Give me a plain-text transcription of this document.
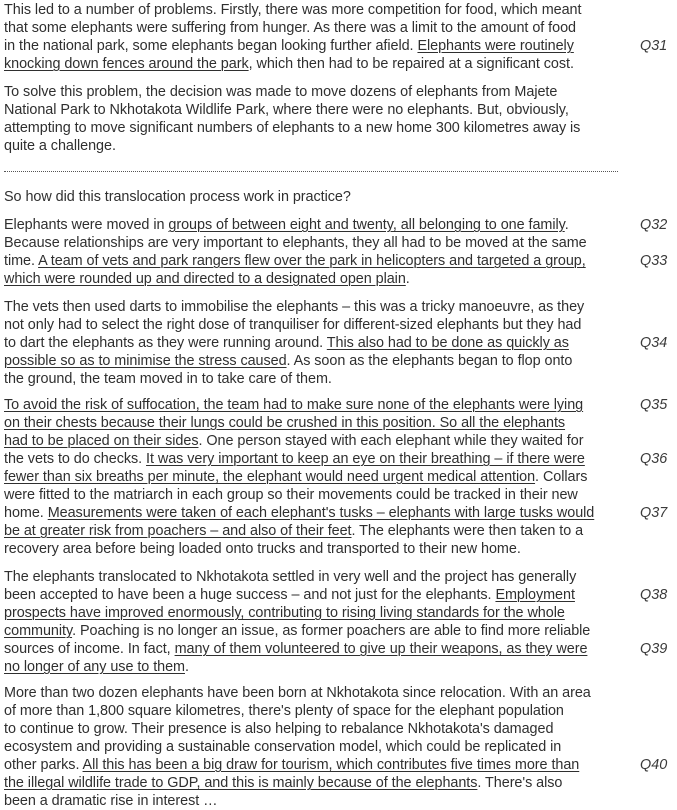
This led to a number of problems. Firstly, there was more competition for food, which meant
that some elephants were suffering from hunger. As there was a limit to the amount of food
in the national park, some elephants began looking further afield. Elephants were routinely
knocking down fences around the park, which then had to be repaired at a significant cost.
To solve this problem, the decision was made to move dozens of elephants from Majete
National Park to Nkhotakota Wildlife Park, where there were no elephants. But, obviously,
attempting to move significant numbers of elephants to a new home 300 kilometres away is
quite a challenge.
So how did this translocation process work in practice?
Elephants were moved in groups of between eight and twenty, all belonging to one family.
Because relationships are very important to elephants, they all had to be moved at the same
time. A team of vets and park rangers flew over the park in helicopters and targeted a group,
which were rounded up and directed to a designated open plain.
The vets then used darts to immobilise the elephants – this was a tricky manoeuvre, as they
not only had to select the right dose of tranquiliser for different-sized elephants but they had
to dart the elephants as they were running around. This also had to be done as quickly as
possible so as to minimise the stress caused. As soon as the elephants began to flop onto
the ground, the team moved in to take care of them.
To avoid the risk of suffocation, the team had to make sure none of the elephants were lying
on their chests because their lungs could be crushed in this position. So all the elephants
had to be placed on their sides. One person stayed with each elephant while they waited for
the vets to do checks. It was very important to keep an eye on their breathing – if there were
fewer than six breaths per minute, the elephant would need urgent medical attention. Collars
were fitted to the matriarch in each group so their movements could be tracked in their new
home. Measurements were taken of each elephant's tusks – elephants with large tusks would
be at greater risk from poachers – and also of their feet. The elephants were then taken to a
recovery area before being loaded onto trucks and transported to their new home.
The elephants translocated to Nkhotakota settled in very well and the project has generally
been accepted to have been a huge success – and not just for the elephants. Employment
prospects have improved enormously, contributing to rising living standards for the whole
community. Poaching is no longer an issue, as former poachers are able to find more reliable
sources of income. In fact, many of them volunteered to give up their weapons, as they were
no longer of any use to them.
More than two dozen elephants have been born at Nkhotakota since relocation. With an area
of more than 1,800 square kilometres, there's plenty of space for the elephant population
to continue to grow. Their presence is also helping to rebalance Nkhotakota's damaged
ecosystem and providing a sustainable conservation model, which could be replicated in
other parks. All this has been a big draw for tourism, which contributes five times more than
the illegal wildlife trade to GDP, and this is mainly because of the elephants. There's also
been a dramatic rise in interest …
Q31
Q32
Q33
Q34
Q35
Q36
Q37
Q38
Q39
Q40
